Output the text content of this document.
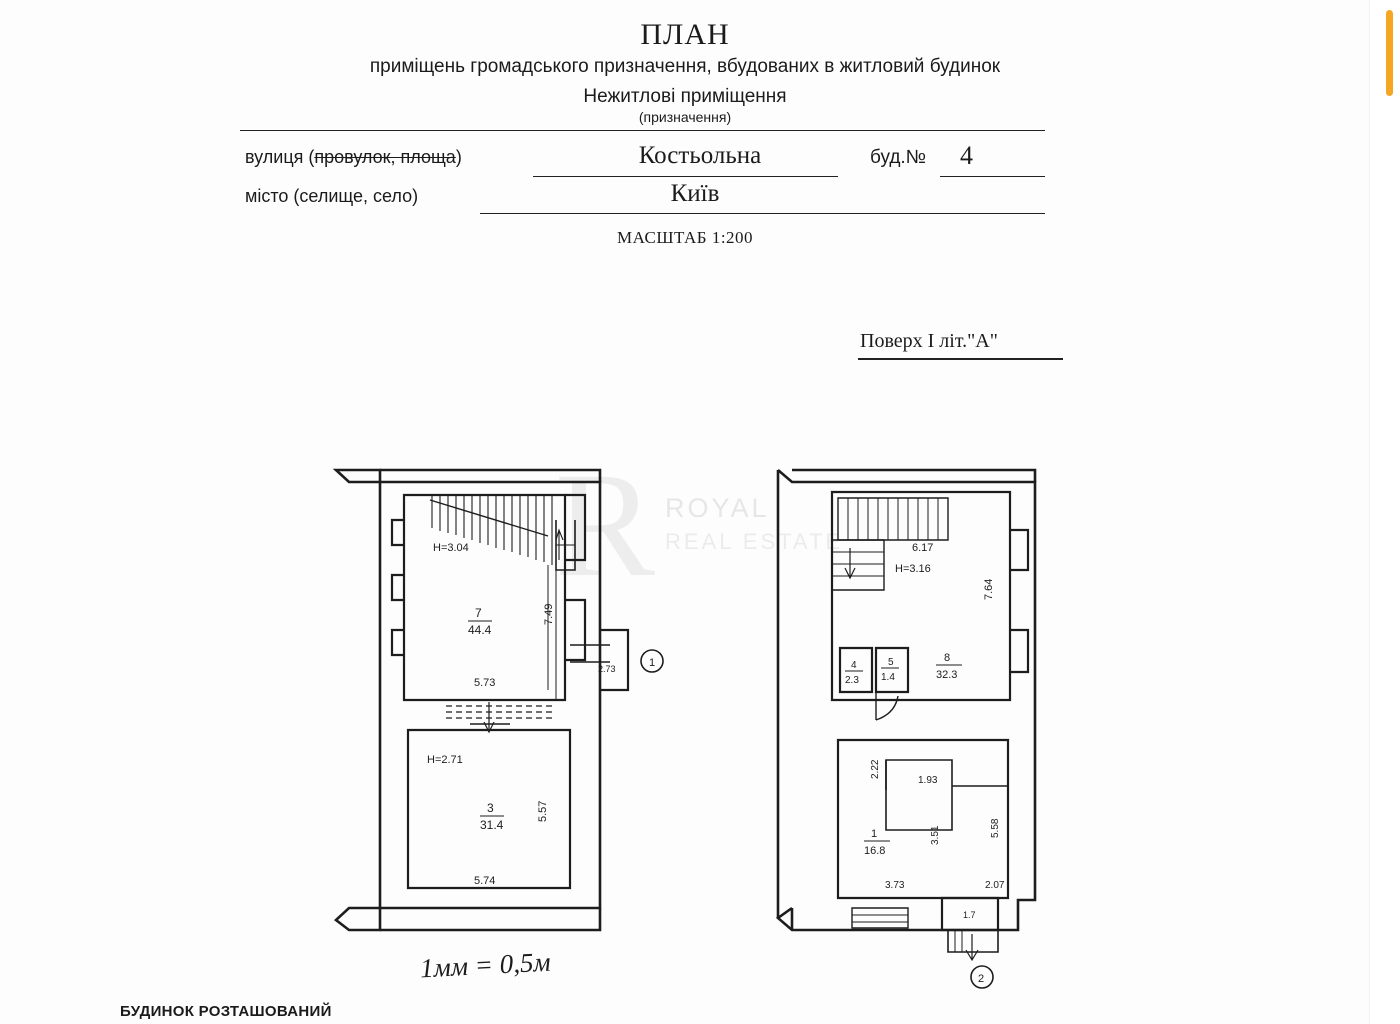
ПЛАН
приміщень громадського призначення, вбудованих в житловий будинок
Нежитлові приміщення
(призначення)
вулиця (провулок, площа)	Костьольна	буд.№ 4
місто (селище, село)	Київ
МАСШТАБ 1:200
Поверх I літ."А"
R ROYAL
REAL ESTATE
H=3.04
7
44.4
5.73
7.49
2.73	1
H=2.71
3
31.4
5.57
5.74
6.17
H=3.16
7.64
4
2.3
5
1.4
8
32.3
2.22
1.93
3.51	5.58
1
16.8
3.73	2.07
1.7
2
1мм = 0,5м
БУДИНОК РОЗТАШОВАНИЙ
